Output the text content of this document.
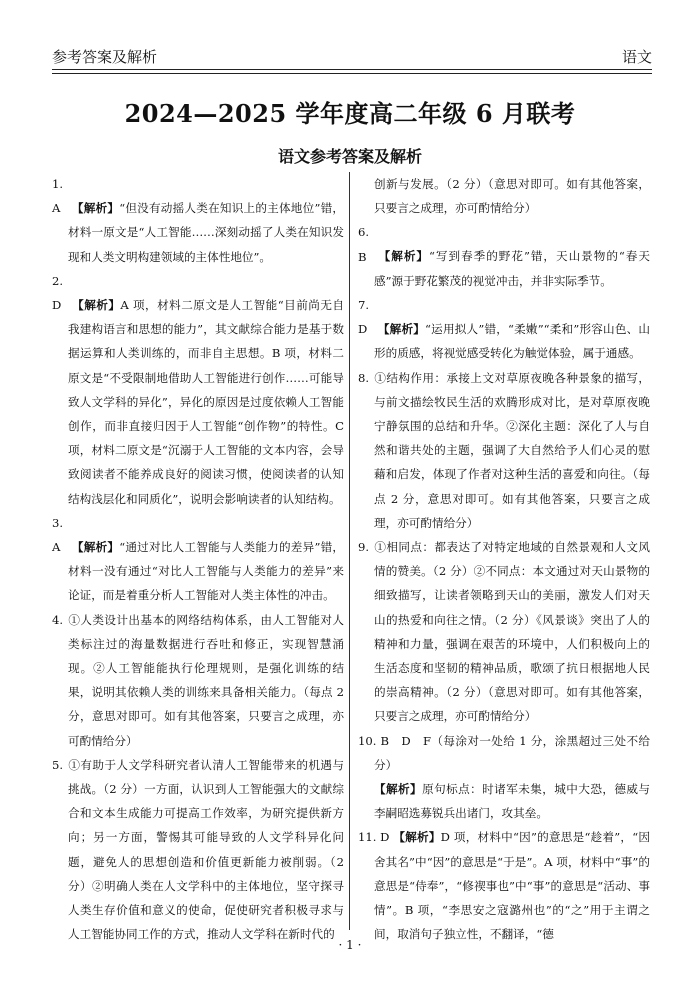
参考答案及解析	语文
2024—2025 学年度高二年级 6 月联考
语文参考答案及解析

1. A 【解析】“但没有动摇人类在知识上的主体地位”错，材料一原文是“人工智能……深刻动摇了人类在知识发现和人类文明构建领域的主体性地位”。

2. D 【解析】A 项，材料二原文是人工智能“目前尚无自我建构语言和思想的能力”，其文献综合能力是基于数据运算和人类训练的，而非自主思想。B 项，材料二原文是“不受限制地借助人工智能进行创作……可能导致人文学科的异化”，异化的原因是过度依赖人工智能创作，而非直接归因于人工智能“创作物”的特性。C 项，材料二原文是“沉溺于人工智能的文本内容，会导致阅读者不能养成良好的阅读习惯，使阅读者的认知结构浅层化和同质化”，说明会影响读者的认知结构。

3. A 【解析】“通过对比人工智能与人类能力的差异”错，材料一没有通过“对比人工智能与人类能力的差异”来论证，而是着重分析人工智能对人类主体性的冲击。

4. ①人类设计出基本的网络结构体系，由人工智能对人类标注过的海量数据进行吞吐和修正，实现智慧涌现。②人工智能能执行伦理规则，是强化训练的结果，说明其依赖人类的训练来具备相关能力。（每点 2 分，意思对即可。如有其他答案，只要言之成理，亦可酌情给分）

5. ①有助于人文学科研究者认清人工智能带来的机遇与挑战。（2 分）一方面，认识到人工智能强大的文献综合和文本生成能力可提高工作效率，为研究提供新方向；另一方面，警惕其可能导致的人文学科异化问题，避免人的思想创造和价值更新能力被削弱。（2 分）②明确人类在人文学科中的主体地位，坚守探寻人类生存价值和意义的使命，促使研究者积极寻求与人工智能协同工作的方式，推动人文学科在新时代的

创新与发展。（2 分）（意思对即可。如有其他答案，只要言之成理，亦可酌情给分）

6. B 【解析】“写到春季的野花”错，天山景物的“春天感”源于野花繁茂的视觉冲击，并非实际季节。

7. D 【解析】“运用拟人”错，“柔嫩”“柔和”形容山色、山形的质感，将视觉感受转化为触觉体验，属于通感。

8. ①结构作用：承接上文对草原夜晚各种景象的描写，与前文描绘牧民生活的欢腾形成对比，是对草原夜晚宁静氛围的总结和升华。②深化主题：深化了人与自然和谐共处的主题，强调了大自然给予人们心灵的慰藉和启发，体现了作者对这种生活的喜爱和向往。（每点 2 分，意思对即可。如有其他答案，只要言之成理，亦可酌情给分）

9. ①相同点：都表达了对特定地域的自然景观和人文风情的赞美。（2 分）②不同点：本文通过对天山景物的细致描写，让读者领略到天山的美丽，激发人们对天山的热爱和向往之情。（2 分）《风景谈》突出了人的精神和力量，强调在艰苦的环境中，人们积极向上的生活态度和坚韧的精神品质，歌颂了抗日根据地人民的崇高精神。（2 分）（意思对即可。如有其他答案，只要言之成理，亦可酌情给分）

10. B　D　F（每涂对一处给 1 分，涂黑超过三处不给分）

【解析】原句标点：时诸军未集，城中大恐，德威与李嗣昭选募锐兵出诸门，攻其垒。

11. D 【解析】D 项，材料中“因”的意思是“趁着”，“因舍其名”中“因”的意思是“于是”。A 项，材料中“事”的意思是“侍奉”，“修禊事也”中“事”的意思是“活动、事情”。B 项，“李思安之寇潞州也”的“之”用于主谓之间，取消句子独立性，不翻译，“德

· 1 ·
